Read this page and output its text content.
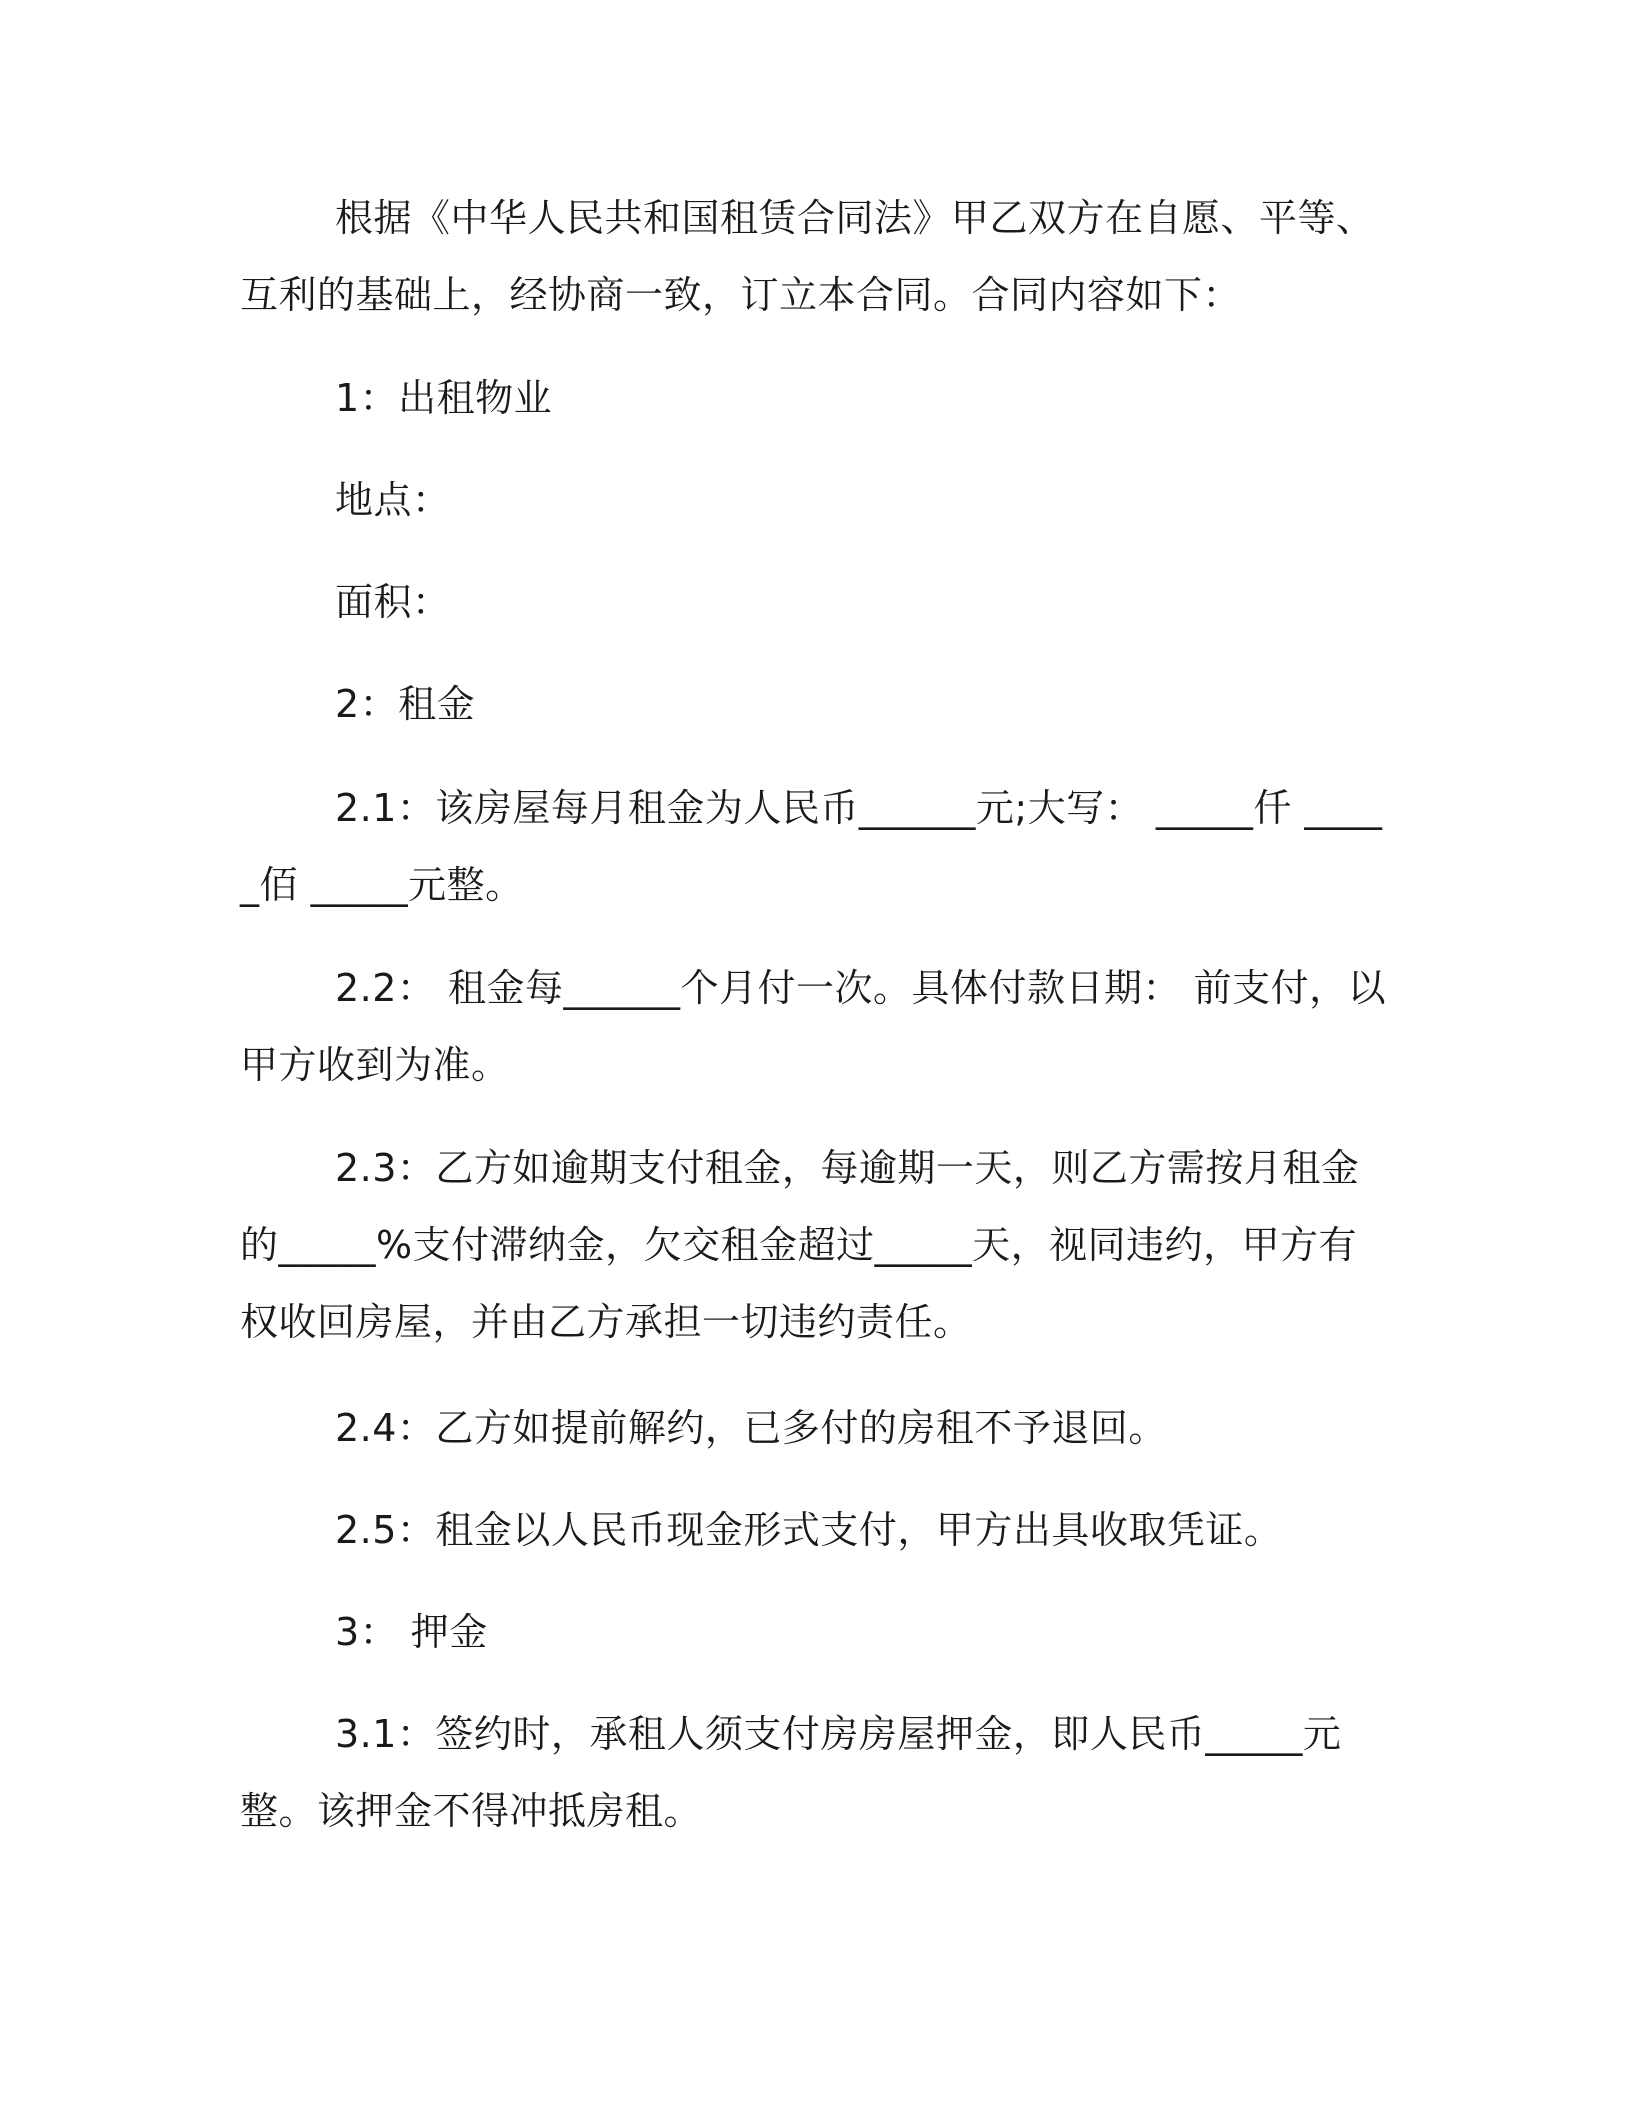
根据《中华人民共和国租赁合同法》甲乙双方在自愿、平等、互利的基础上，经协商一致，订立本合同。合同内容如下：

1：出租物业

地点：

面积：

2：租金

2.1：该房屋每月租金为人民币______元;大写： _____仟 _____佰 _____元整。

2.2： 租金每______个月付一次。具体付款日期： 前支付，以甲方收到为准。

2.3：乙方如逾期支付租金，每逾期一天，则乙方需按月租金的_____%支付滞纳金，欠交租金超过_____天，视同违约，甲方有权收回房屋，并由乙方承担一切违约责任。

2.4：乙方如提前解约，已多付的房租不予退回。

2.5：租金以人民币现金形式支付，甲方出具收取凭证。

3： 押金

3.1：签约时，承租人须支付房房屋押金，即人民币_____元整。该押金不得冲抵房租。
